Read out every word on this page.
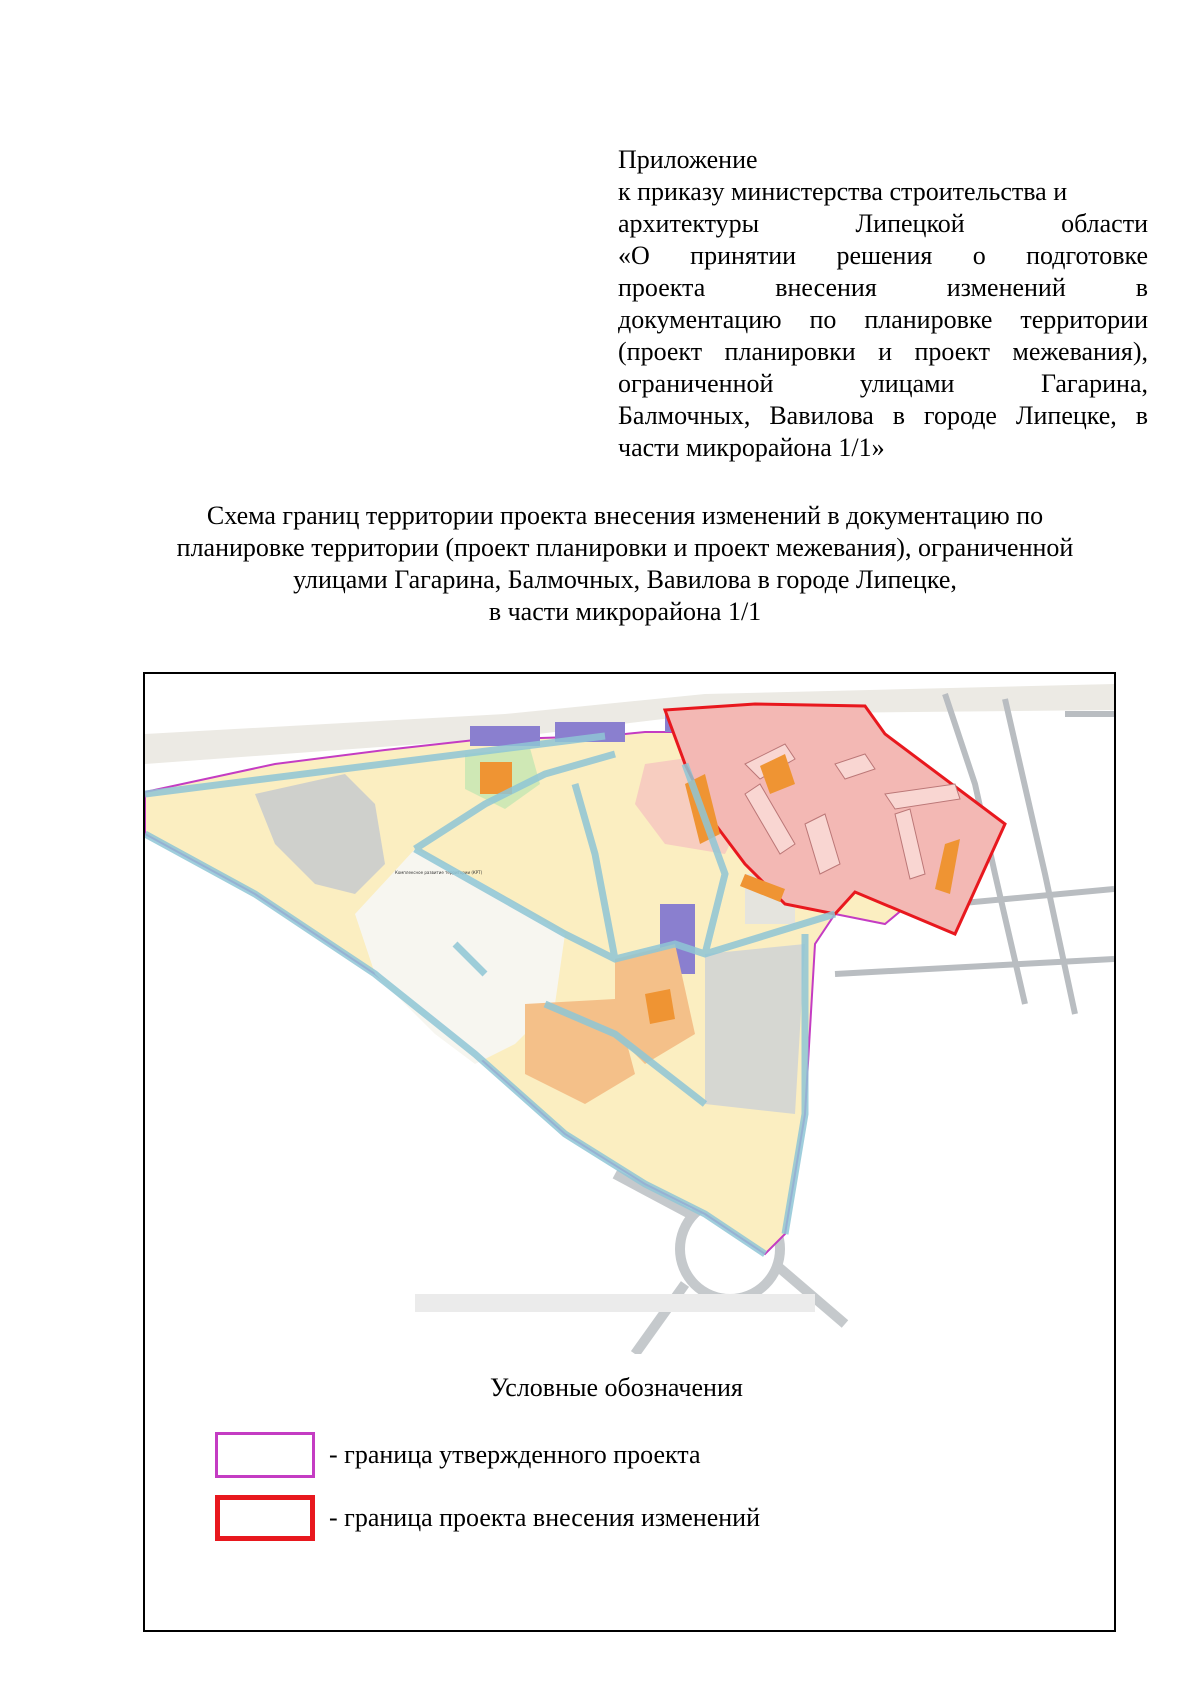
Приложение
к приказу министерства строительства и
архитектуры Липецкой области
«О принятии решения о подготовке
проекта внесения изменений в
документацию по планировке территории
(проект планировки и проект межевания),
ограниченной улицами Гагарина,
Балмочных, Вавилова в городе Липецке, в
части микрорайона 1/1»
Схема границ территории проекта внесения изменений в документацию по
планировке территории (проект планировки и проект межевания), ограниченной
улицами Гагарина, Балмочных, Вавилова в городе Липецке,
в части микрорайона 1/1
Комплексное развитие территории (КРТ)
Условные обозначения
- граница утвержденного проекта
- граница проекта внесения изменений
